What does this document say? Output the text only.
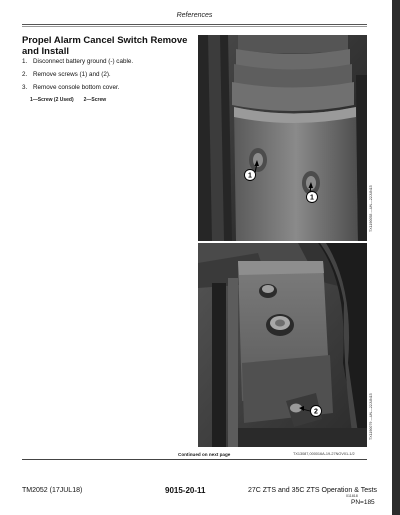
References
Propel Alarm Cancel Switch Remove and Install
1. Disconnect battery ground (-) cable.
2. Remove screws (1) and (2).
3. Remove console bottom cover.
1—Screw (2 Used) 2—Screw
1
1	TX1190058 —UN—22JUN15
2	TX1190079 —UN—22JUN15
Continued on next page	TX13087,000016A-19-27NOV01-1/2
TM2052 (17JUL18)	9015-20-11	27C ZTS and 35C ZTS Operation & Tests
011818
PN=185
